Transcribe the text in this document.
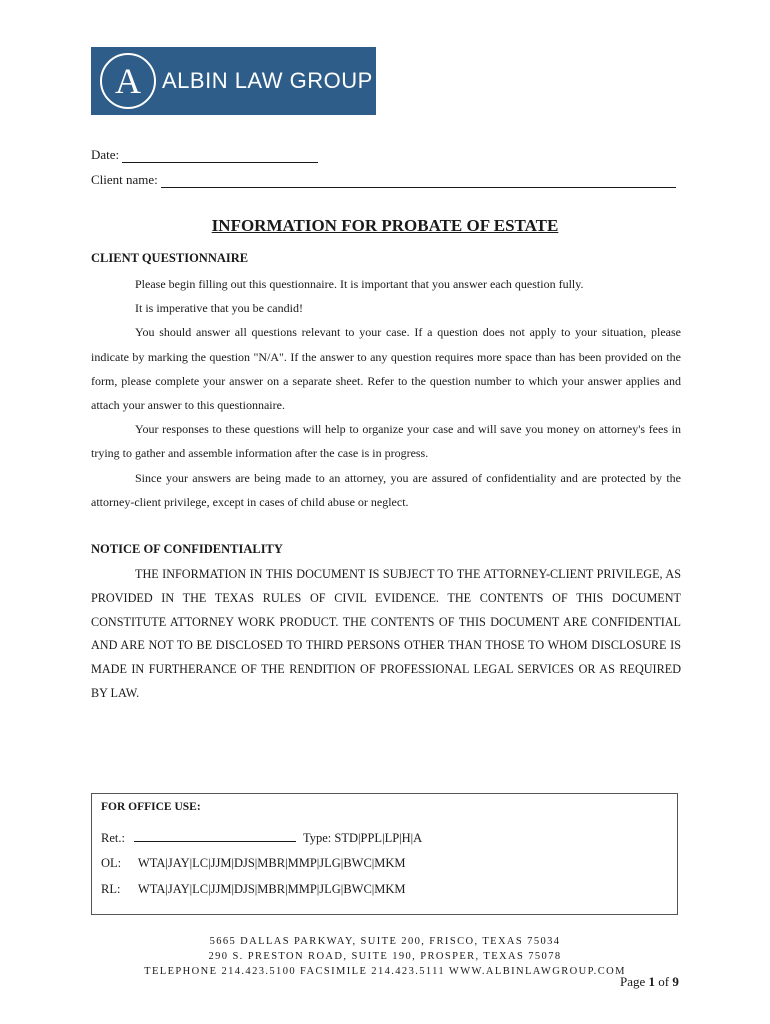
A ALBIN LAW GROUP
Date:
Client name:
INFORMATION FOR PROBATE OF ESTATE
CLIENT QUESTIONNAIRE
Please begin filling out this questionnaire. It is important that you answer each question fully.
It is imperative that you be candid!
You should answer all questions relevant to your case. If a question does not apply to your situation, please indicate by marking the question "N/A". If the answer to any question requires more space than has been provided on the form, please complete your answer on a separate sheet. Refer to the question number to which your answer applies and attach your answer to this questionnaire.
Your responses to these questions will help to organize your case and will save you money on attorney's fees in trying to gather and assemble information after the case is in progress.
Since your answers are being made to an attorney, you are assured of confidentiality and are protected by the attorney-client privilege, except in cases of child abuse or neglect.
NOTICE OF CONFIDENTIALITY
THE INFORMATION IN THIS DOCUMENT IS SUBJECT TO THE ATTORNEY-CLIENT PRIVILEGE, AS PROVIDED IN THE TEXAS RULES OF CIVIL EVIDENCE. THE CONTENTS OF THIS DOCUMENT CONSTITUTE ATTORNEY WORK PRODUCT. THE CONTENTS OF THIS DOCUMENT ARE CONFIDENTIAL AND ARE NOT TO BE DISCLOSED TO THIRD PERSONS OTHER THAN THOSE TO WHOM DISCLOSURE IS MADE IN FURTHERANCE OF THE RENDITION OF PROFESSIONAL LEGAL SERVICES OR AS REQUIRED BY LAW.
FOR OFFICE USE:
Ret.:	Type: STD|PPL|LP|H|A
OL: WTA|JAY|LC|JJM|DJS|MBR|MMP|JLG|BWC|MKM
RL: WTA|JAY|LC|JJM|DJS|MBR|MMP|JLG|BWC|MKM
5665 DALLAS PARKWAY, SUITE 200, FRISCO, TEXAS 75034
290 S. PRESTON ROAD, SUITE 190, PROSPER, TEXAS 75078
TELEPHONE 214.423.5100 FACSIMILE 214.423.5111 WWW.ALBINLAWGROUP.COM
Page 1 of 9
